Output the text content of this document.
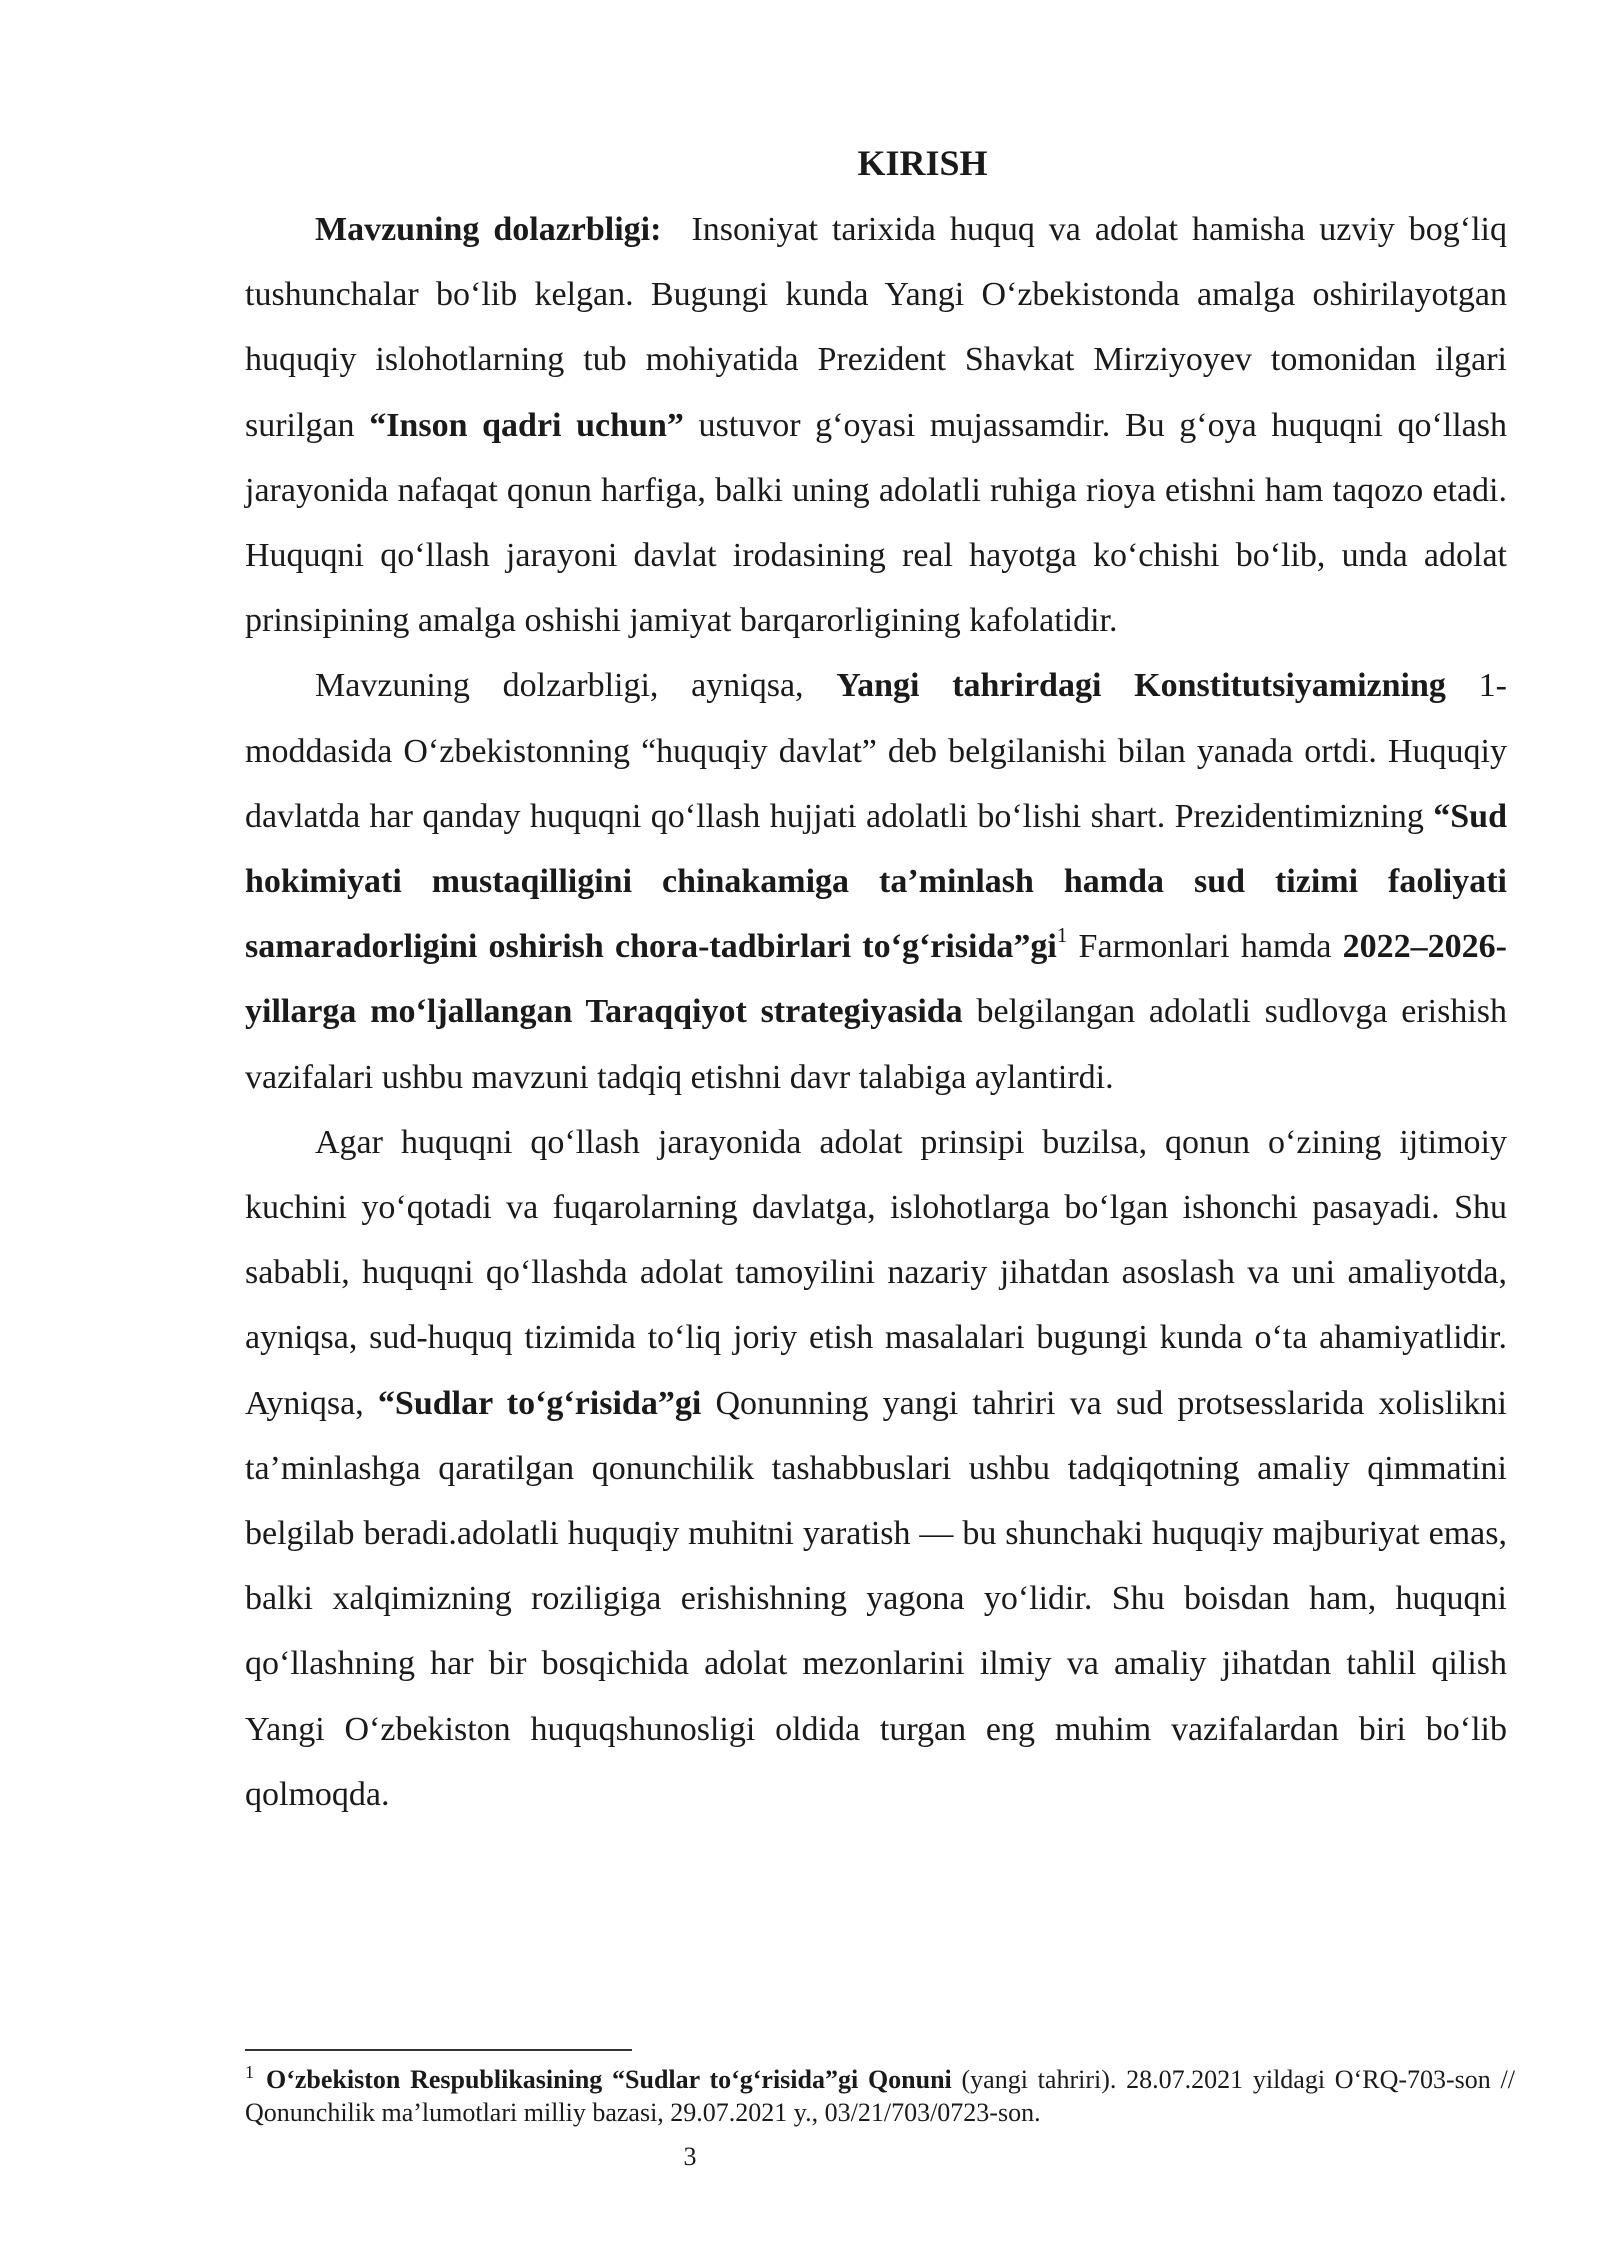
KIRISH

Mavzuning dolazrbligi: Insoniyat tarixida huquq va adolat hamisha uzviy bog‘liq tushunchalar bo‘lib kelgan. Bugungi kunda Yangi O‘zbekistonda amalga oshirilayotgan huquqiy islohotlarning tub mohiyatida Prezident Shavkat Mirziyoyev tomonidan ilgari surilgan “Inson qadri uchun” ustuvor g‘oyasi mujassamdir. Bu g‘oya huquqni qo‘llash jarayonida nafaqat qonun harfiga, balki uning adolatli ruhiga rioya etishni ham taqozo etadi. Huquqni qo‘llash jarayoni davlat irodasining real hayotga ko‘chishi bo‘lib, unda adolat prinsipining amalga oshishi jamiyat barqarorligining kafolatidir.

Mavzuning dolzarbligi, ayniqsa, Yangi tahrirdagi Konstitutsiyamizning 1-moddasida O‘zbekistonning “huquqiy davlat” deb belgilanishi bilan yanada ortdi. Huquqiy davlatda har qanday huquqni qo‘llash hujjati adolatli bo‘lishi shart. Prezidentimizning “Sud hokimiyati mustaqilligini chinakamiga ta’minlash hamda sud tizimi faoliyati samaradorligini oshirish chora-tadbirlari $to‘g‘risida”gi^1$ Farmonlari hamda 2022–2026-yillarga mo‘ljallangan Taraqqiyot strategiyasida belgilangan adolatli sudlovga erishish vazifalari ushbu mavzuni tadqiq etishni davr talabiga aylantirdi.

Agar huquqni qo‘llash jarayonida adolat prinsipi buzilsa, qonun o‘zining ijtimoiy kuchini yo‘qotadi va fuqarolarning davlatga, islohotlarga bo‘lgan ishonchi pasayadi. Shu sababli, huquqni qo‘llashda adolat tamoyilini nazariy jihatdan asoslash va uni amaliyotda, ayniqsa, sud-huquq tizimida to‘liq joriy etish masalalari bugungi kunda o‘ta ahamiyatlidir. Ayniqsa, “Sudlar to‘g‘risida”gi Qonunning yangi tahriri va sud protsesslarida xolislikni ta’minlashga qaratilgan qonunchilik tashabbuslari ushbu tadqiqotning amaliy qimmatini belgilab beradi.adolatli huquqiy muhitni yaratish — bu shunchaki huquqiy majburiyat emas, balki xalqimizning roziligiga erishishning yagona yo‘lidir. Shu boisdan ham, huquqni qo‘llashning har bir bosqichida adolat mezonlarini ilmiy va amaliy jihatdan tahlil qilish Yangi O‘zbekiston huquqshunosligi oldida turgan eng muhim vazifalardan biri bo‘lib qolmoqda.

$^1$ O‘zbekiston Respublikasining “Sudlar to‘g‘risida”gi Qonuni (yangi tahriri). 28.07.2021 yildagi O‘RQ-703-son // Qonunchilik ma’lumotlari milliy bazasi, 29.07.2021 y., 03/21/703/0723-son.
3
